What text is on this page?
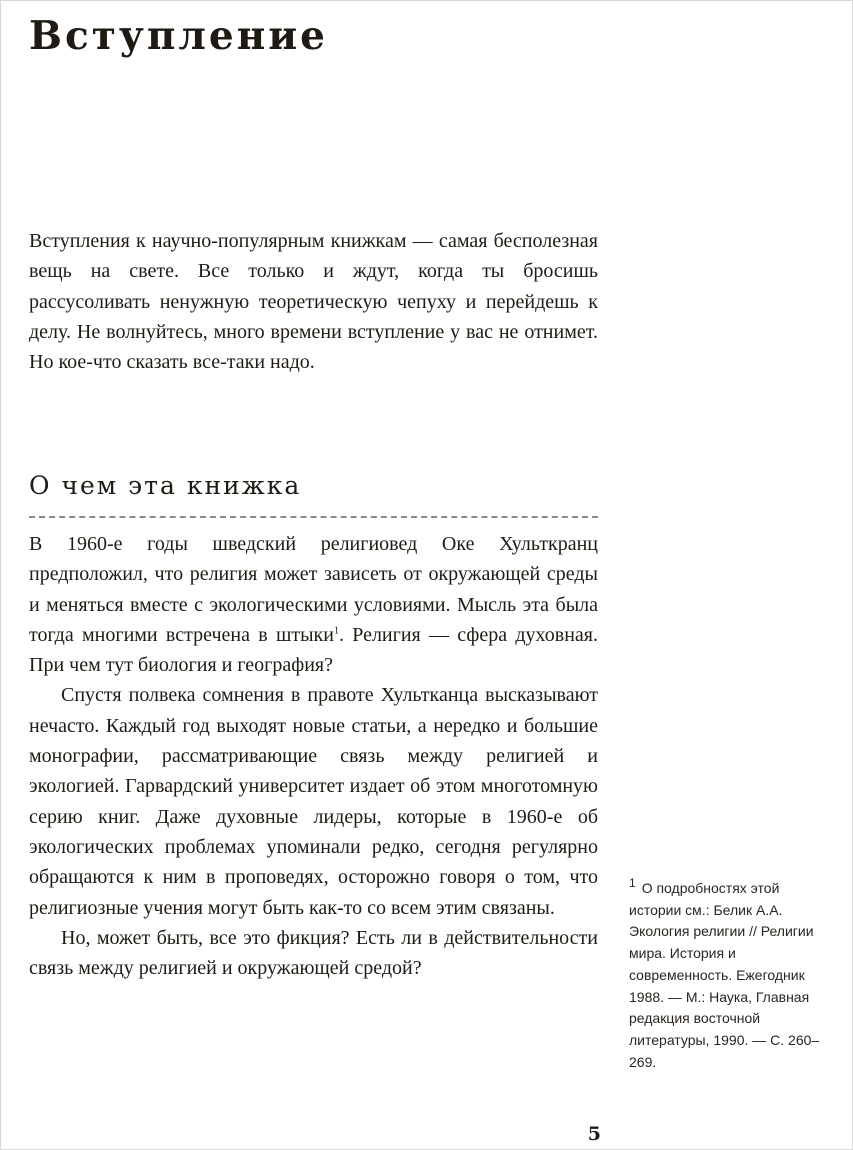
Вступление

Вступления к научно-популярным книжкам — самая бесполезная вещь на свете. Все только и ждут, когда ты бросишь рассусоливать ненужную теоретическую чепуху и перейдешь к делу. Не волнуйтесь, много времени вступление у вас не отнимет. Но кое-что сказать все-таки надо.

О чем эта книжка

В 1960-е годы шведский религиовед Оке Хульткранц предположил, что религия может зависеть от окружающей среды и меняться вместе с экологическими условиями. Мысль эта была тогда многими встречена в штыки$^1$. Религия — сфера духовная. При чем тут биология и география?

Спустя полвека сомнения в правоте Хультканца высказывают нечасто. Каждый год выходят новые статьи, а нередко и большие монографии, рассматривающие связь между религией и экологией. Гарвардский университет издает об этом многотомную серию книг. Даже духовные лидеры, которые в 1960-е об экологических проблемах упоминали редко, сегодня регулярно обращаются к ним в проповедях, осторожно говоря о том, что религиозные учения могут быть как-то со всем этим связаны.

Но, может быть, все это фикция? Есть ли в действительности связь между религией и окружающей средой?

1 О подробностях этой истории см.: Белик А.А. Экология религии // Религии мира. История и современность. Ежегодник 1988. — М.: Наука, Главная редакция восточной литературы, 1990. — С. 260–269.
5
